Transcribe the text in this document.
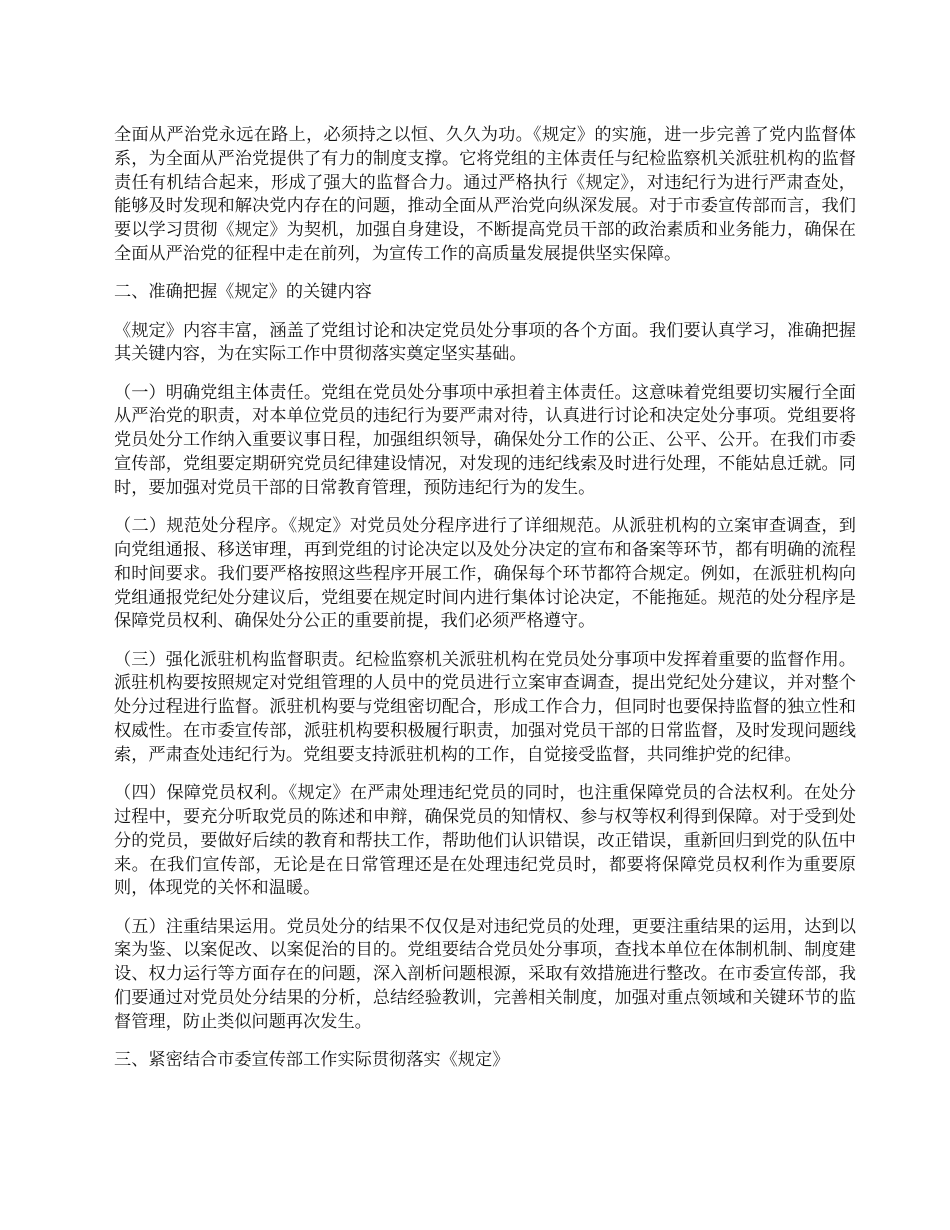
全面从严治党永远在路上，必须持之以恒、久久为功。《规定》的实施，进一步完善了党内监督体系，为全面从严治党提供了有力的制度支撑。它将党组的主体责任与纪检监察机关派驻机构的监督责任有机结合起来，形成了强大的监督合力。通过严格执行《规定》，对违纪行为进行严肃查处，能够及时发现和解决党内存在的问题，推动全面从严治党向纵深发展。对于市委宣传部而言，我们要以学习贯彻《规定》为契机，加强自身建设，不断提高党员干部的政治素质和业务能力，确保在全面从严治党的征程中走在前列，为宣传工作的高质量发展提供坚实保障。

二、准确把握《规定》的关键内容

《规定》内容丰富，涵盖了党组讨论和决定党员处分事项的各个方面。我们要认真学习，准确把握其关键内容，为在实际工作中贯彻落实奠定坚实基础。

（一）明确党组主体责任。党组在党员处分事项中承担着主体责任。这意味着党组要切实履行全面从严治党的职责，对本单位党员的违纪行为要严肃对待，认真进行讨论和决定处分事项。党组要将党员处分工作纳入重要议事日程，加强组织领导，确保处分工作的公正、公平、公开。在我们市委宣传部，党组要定期研究党员纪律建设情况，对发现的违纪线索及时进行处理，不能姑息迁就。同时，要加强对党员干部的日常教育管理，预防违纪行为的发生。

（二）规范处分程序。《规定》对党员处分程序进行了详细规范。从派驻机构的立案审查调查，到向党组通报、移送审理，再到党组的讨论决定以及处分决定的宣布和备案等环节，都有明确的流程和时间要求。我们要严格按照这些程序开展工作，确保每个环节都符合规定。例如，在派驻机构向党组通报党纪处分建议后，党组要在规定时间内进行集体讨论决定，不能拖延。规范的处分程序是保障党员权利、确保处分公正的重要前提，我们必须严格遵守。

（三）强化派驻机构监督职责。纪检监察机关派驻机构在党员处分事项中发挥着重要的监督作用。派驻机构要按照规定对党组管理的人员中的党员进行立案审查调查，提出党纪处分建议，并对整个处分过程进行监督。派驻机构要与党组密切配合，形成工作合力，但同时也要保持监督的独立性和权威性。在市委宣传部，派驻机构要积极履行职责，加强对党员干部的日常监督，及时发现问题线索，严肃查处违纪行为。党组要支持派驻机构的工作，自觉接受监督，共同维护党的纪律。

（四）保障党员权利。《规定》在严肃处理违纪党员的同时，也注重保障党员的合法权利。在处分过程中，要充分听取党员的陈述和申辩，确保党员的知情权、参与权等权利得到保障。对于受到处分的党员，要做好后续的教育和帮扶工作，帮助他们认识错误，改正错误，重新回归到党的队伍中来。在我们宣传部，无论是在日常管理还是在处理违纪党员时，都要将保障党员权利作为重要原则，体现党的关怀和温暖。

（五）注重结果运用。党员处分的结果不仅仅是对违纪党员的处理，更要注重结果的运用，达到以案为鉴、以案促改、以案促治的目的。党组要结合党员处分事项，查找本单位在体制机制、制度建设、权力运行等方面存在的问题，深入剖析问题根源，采取有效措施进行整改。在市委宣传部，我们要通过对党员处分结果的分析，总结经验教训，完善相关制度，加强对重点领域和关键环节的监督管理，防止类似问题再次发生。

三、紧密结合市委宣传部工作实际贯彻落实《规定》
